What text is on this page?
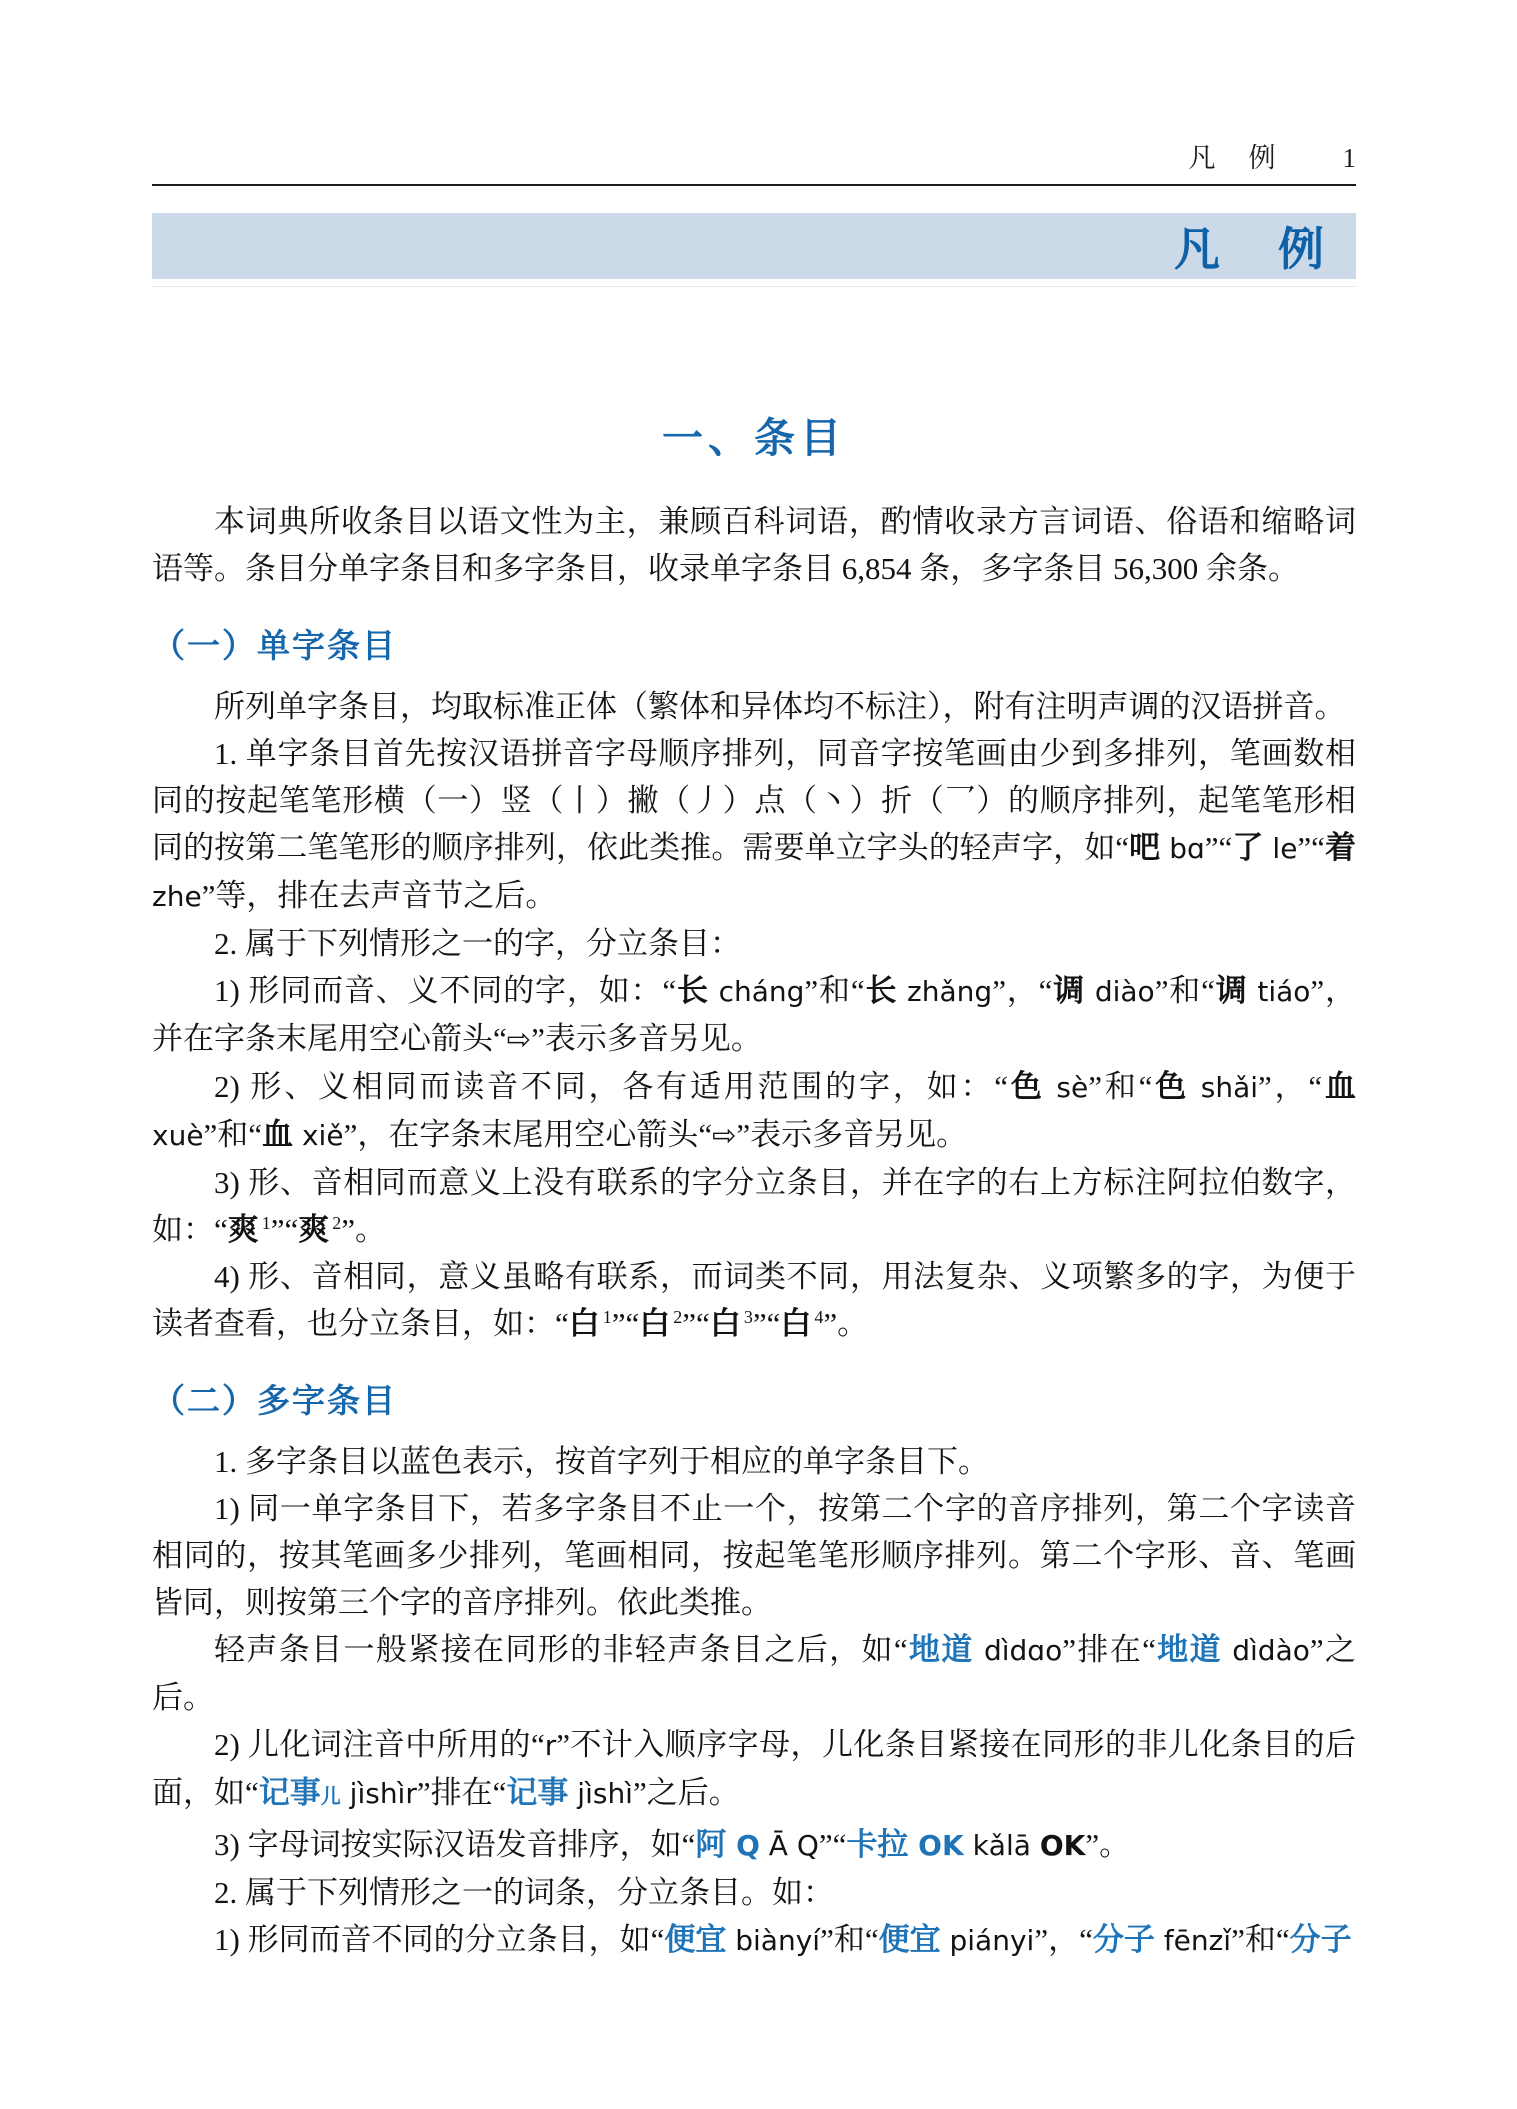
凡　例 1
凡　例
一、条目

本词典所收条目以语文性为主，兼顾百科词语，酌情收录方言词语、俗语和缩略词语等。条目分单字条目和多字条目，收录单字条目 6,854 条，多字条目 56,300 余条。

（一）单字条目

所列单字条目，均取标准正体（繁体和异体均不标注），附有注明声调的汉语拼音。

1. 单字条目首先按汉语拼音字母顺序排列，同音字按笔画由少到多排列，笔画数相同的按起笔笔形横（一）竖（丨）撇（丿）点（丶）折（乛）的顺序排列，起笔笔形相同的按第二笔笔形的顺序排列，依此类推。需要单立字头的轻声字，如“吧 bɑ”“了 le”“着 zhe”等，排在去声音节之后。

2. 属于下列情形之一的字，分立条目：

1) 形同而音、义不同的字，如：“长 cháng”和“长 zhǎng”，“调 diào”和“调 tiáo”，并在字条末尾用空心箭头“⇨”表示多音另见。

2) 形、义相同而读音不同，各有适用范围的字，如：“色 sè”和“色 shǎi”，“血 xuè”和“血 xiě”，在字条末尾用空心箭头“⇨”表示多音另见。

3) 形、音相同而意义上没有联系的字分立条目，并在字的右上方标注阿拉伯数字，如：“爽 $^1$”“爽 $^2$”。

4) 形、音相同，意义虽略有联系，而词类不同，用法复杂、义项繁多的字，为便于读者查看，也分立条目，如：“白 $^1$”“白 $^2$”“白 $^3$”“白 $^4$”。

（二）多字条目

1. 多字条目以蓝色表示，按首字列于相应的单字条目下。

1) 同一单字条目下，若多字条目不止一个，按第二个字的音序排列，第二个字读音相同的，按其笔画多少排列，笔画相同，按起笔笔形顺序排列。第二个字形、音、笔画皆同，则按第三个字的音序排列。依此类推。

轻声条目一般紧接在同形的非轻声条目之后，如“地道 dìdɑo”排在“地道 dìdào”之后。

2) 儿化词注音中所用的“r”不计入顺序字母，儿化条目紧接在同形的非儿化条目的后面，如“记事儿 jìshìr”排在“记事 jìshì”之后。

3) 字母词按实际汉语发音排序，如“阿 Q Ā Q”“卡拉 OK kǎlā OK”。

2. 属于下列情形之一的词条，分立条目。如：

1) 形同而音不同的分立条目，如“便宜 biànyí”和“便宜 piányi”，“分子 fēnzǐ”和“分子
